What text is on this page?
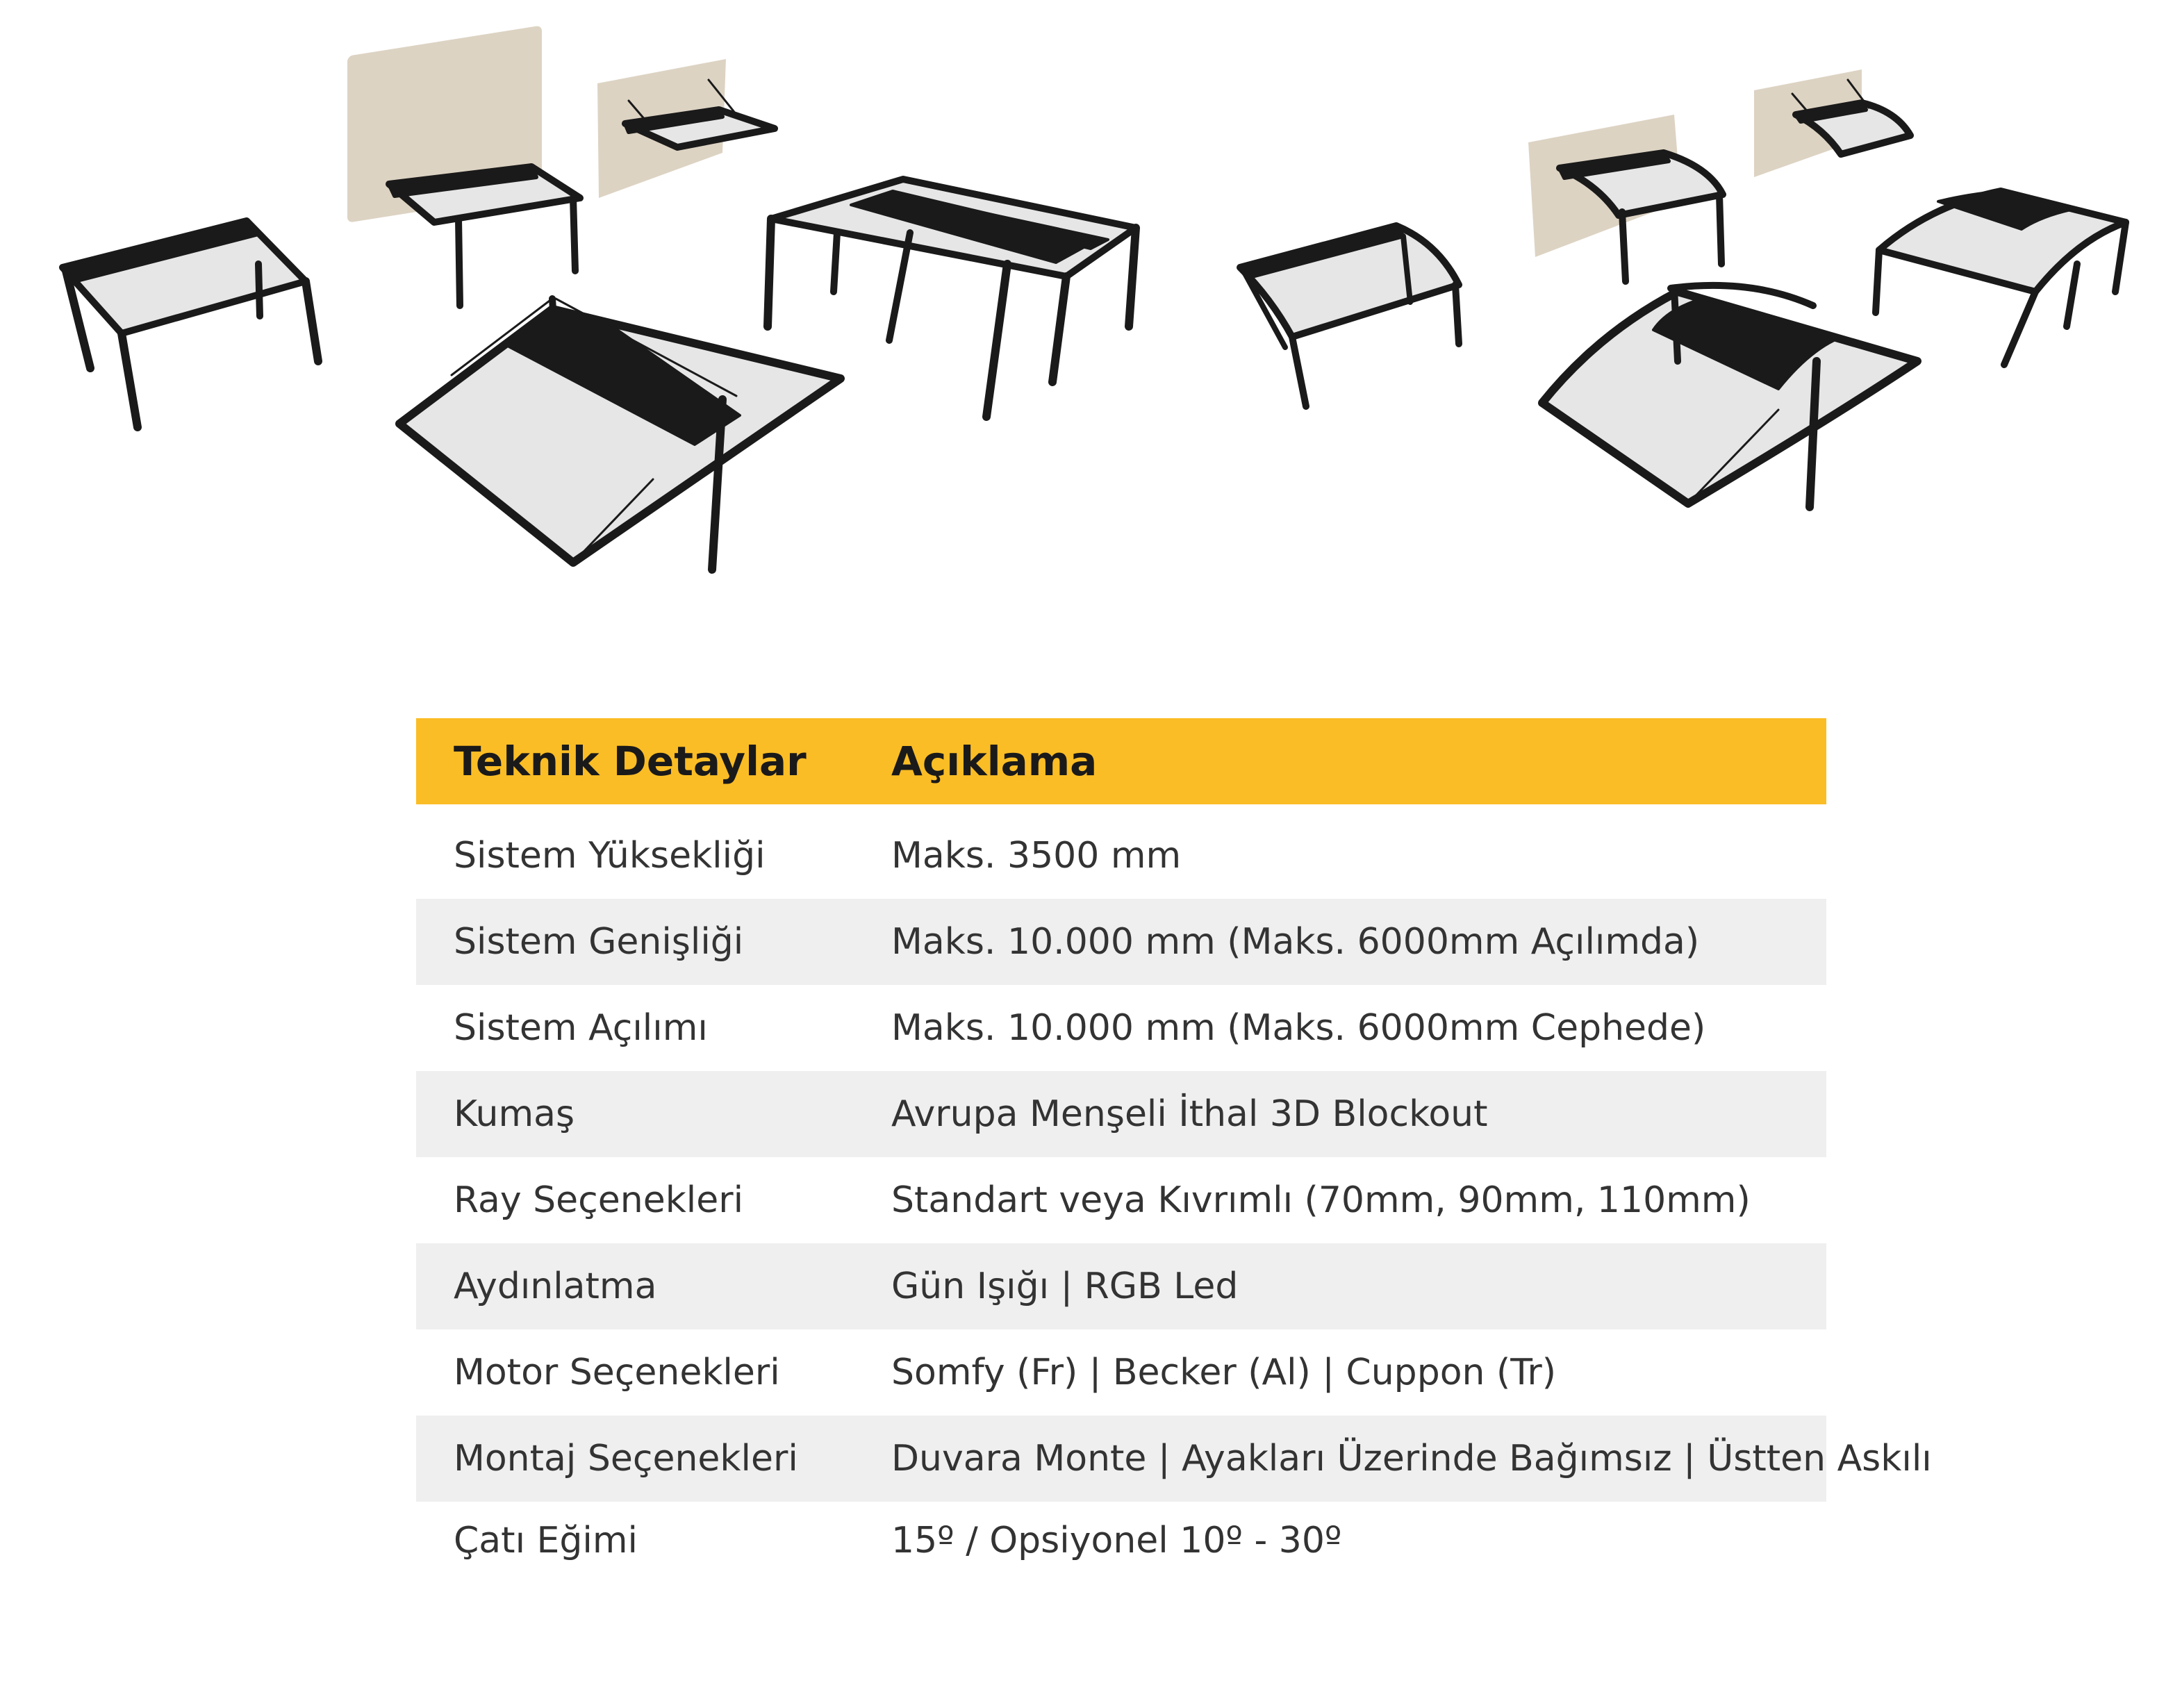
Teknik Detaylar Açıklama
Sistem Yüksekliği	Maks. 3500 mm
Sistem Genişliği	Maks. 10.000 mm (Maks. 6000mm Açılımda)
Sistem Açılımı	Maks. 10.000 mm (Maks. 6000mm Cephede)
Kumaş	Avrupa Menşeli İthal 3D Blockout
Ray Seçenekleri	Standart veya Kıvrımlı (70mm, 90mm, 110mm)
Aydınlatma	Gün Işığı | RGB Led
Motor Seçenekleri	Somfy (Fr) | Becker (Al) | Cuppon (Tr)
Montaj Seçenekleri	Duvara Monte | Ayakları Üzerinde Bağımsız | Üstten Askılı
Çatı Eğimi	15º / Opsiyonel 10º - 30º
